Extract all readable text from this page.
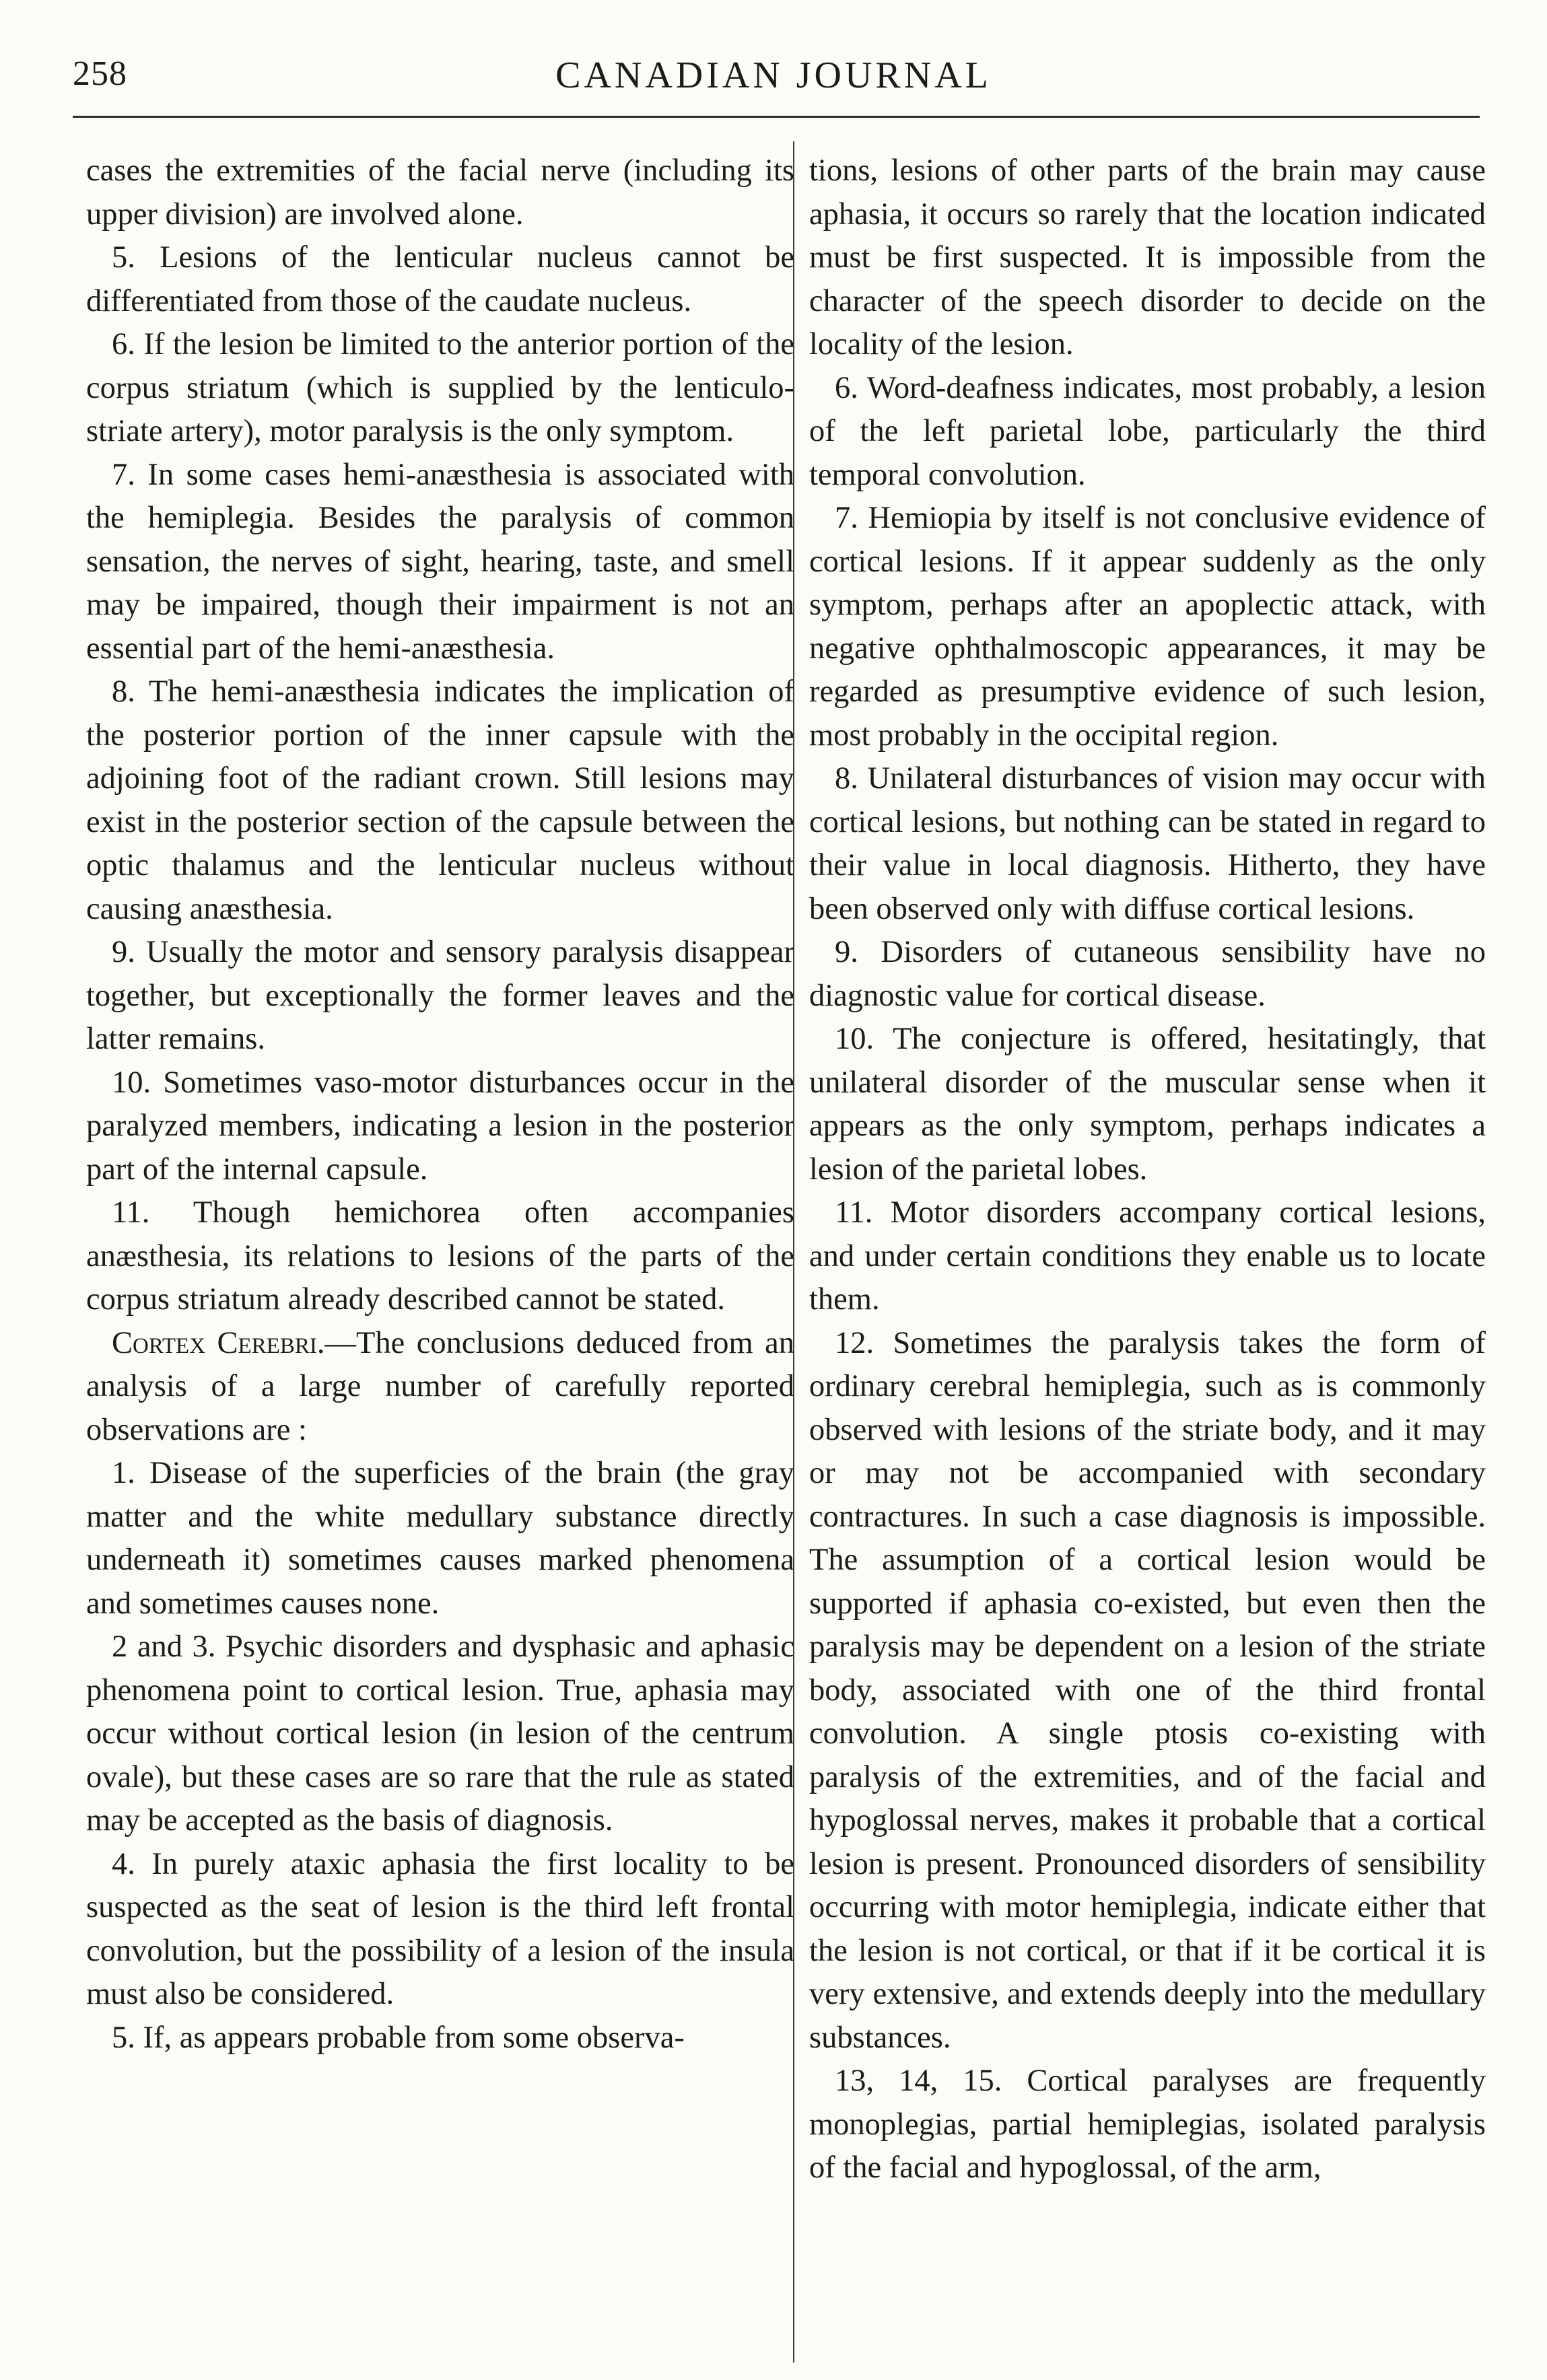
258	CANADIAN JOURNAL

cases the extremities of the facial nerve (including its upper division) are involved alone.

5. Lesions of the lenticular nucleus cannot be differentiated from those of the caudate nucleus.

6. If the lesion be limited to the anterior portion of the corpus striatum (which is supplied by the lenticulo-striate artery), motor paralysis is the only symptom.

7. In some cases hemi-anæsthesia is associated with the hemiplegia. Besides the paralysis of common sensation, the nerves of sight, hearing, taste, and smell may be impaired, though their impairment is not an essential part of the hemi-anæsthesia.

8. The hemi-anæsthesia indicates the implication of the posterior portion of the inner capsule with the adjoining foot of the radiant crown. Still lesions may exist in the posterior section of the capsule between the optic thalamus and the lenticular nucleus without causing anæsthesia.

9. Usually the motor and sensory paralysis disappear together, but exceptionally the former leaves and the latter remains.

10. Sometimes vaso-motor disturbances occur in the paralyzed members, indicating a lesion in the posterior part of the internal capsule.

11. Though hemichorea often accompanies anæsthesia, its relations to lesions of the parts of the corpus striatum already described cannot be stated.

Cortex Cerebri.—The conclusions deduced from an analysis of a large number of carefully reported observations are :

1. Disease of the superficies of the brain (the gray matter and the white medullary substance directly underneath it) sometimes causes marked phenomena and sometimes causes none.

2 and 3. Psychic disorders and dysphasic and aphasic phenomena point to cortical lesion. True, aphasia may occur without cortical lesion (in lesion of the centrum ovale), but these cases are so rare that the rule as stated may be accepted as the basis of diagnosis.

4. In purely ataxic aphasia the first locality to be suspected as the seat of lesion is the third left frontal convolution, but the possibility of a lesion of the insula must also be considered.

5. If, as appears probable from some observa-

tions, lesions of other parts of the brain may cause aphasia, it occurs so rarely that the location indicated must be first suspected. It is impossible from the character of the speech disorder to decide on the locality of the lesion.

6. Word-deafness indicates, most probably, a lesion of the left parietal lobe, particularly the third temporal convolution.

7. Hemiopia by itself is not conclusive evidence of cortical lesions. If it appear suddenly as the only symptom, perhaps after an apoplectic attack, with negative ophthalmoscopic appearances, it may be regarded as presumptive evidence of such lesion, most probably in the occipital region.

8. Unilateral disturbances of vision may occur with cortical lesions, but nothing can be stated in regard to their value in local diagnosis. Hitherto, they have been observed only with diffuse cortical lesions.

9. Disorders of cutaneous sensibility have no diagnostic value for cortical disease.

10. The conjecture is offered, hesitatingly, that unilateral disorder of the muscular sense when it appears as the only symptom, perhaps indicates a lesion of the parietal lobes.

11. Motor disorders accompany cortical lesions, and under certain conditions they enable us to locate them.

12. Sometimes the paralysis takes the form of ordinary cerebral hemiplegia, such as is commonly observed with lesions of the striate body, and it may or may not be accompanied with secondary contractures. In such a case diagnosis is impossible. The assumption of a cortical lesion would be supported if aphasia co-existed, but even then the paralysis may be dependent on a lesion of the striate body, associated with one of the third frontal convolution. A single ptosis co-existing with paralysis of the extremities, and of the facial and hypoglossal nerves, makes it probable that a cortical lesion is present. Pronounced disorders of sensibility occurring with motor hemiplegia, indicate either that the lesion is not cortical, or that if it be cortical it is very extensive, and extends deeply into the medullary substances.

13, 14, 15. Cortical paralyses are frequently monoplegias, partial hemiplegias, isolated paralysis of the facial and hypoglossal, of the arm,
